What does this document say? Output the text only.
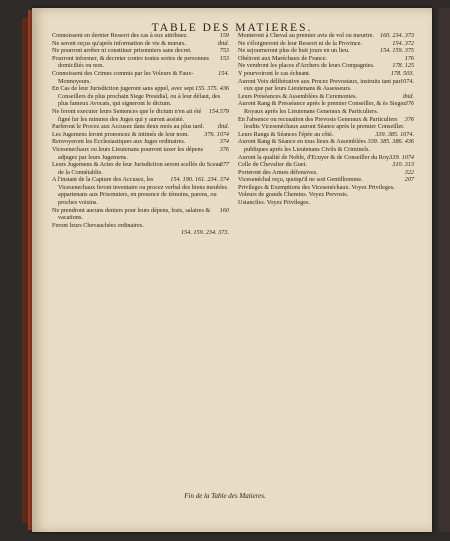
TABLE DES MATIERES.

159
Connoissent en dernier Ressort des cas à eux attribuez.

ibid.
Ne seront reçus qu'après information de vie & mœurs.

753
Ne pourront arrêter ni constituer prisonniers sans decret.

153
Pourront informer, & decreter contre toutes sortes de personnes domiciliés ou non.

154.
Connoissent des Crimes commis par les Voleurs & Faux-Monnoyeurs.

155. 375. 436
En Cas de leur Jurisdiction jugeront sans appel, avec sept Conseillers du plus prochain Siege Presidial, ou à leur défaut, des plus fameux Avocats, qui signeront le dictum.

154.579
Ne feront executer leurs Sentences que le dictum n'en ait été ſigné ſur les minutes des Juges qui y auront assisté.

ibid.
Parferont le Procez aux Accusez dans deux mois au plus tard.

376. 1074
Les Jugemens ſeront prononcez & intimés de leur nom.

374
Renvoyeront les Ecclesiastiques aux Juges ordinaires.

376
Vicesenechaux ou leurs Lieutenans pourront taxer les dépens adjugez par leurs Jugemens.

377
Leurs Jugemens & Actes de leur Jurisdiction seront scellés du Sceau de la Connétablie.

154. 190. 161. 234. 374
A l'instant de la Capture des Accusez, les Vicesenechaux feront inventaire ou procez verbal des biens meubles appartenans aux Prisonniers, en presence de témoins, parens, ou proches voisins.

160
Ne prendront aucuns deniers pour leurs dépens, frais, salaires & vacations.

Feront leurs Chevauchées ordinaires.

154. 159. 234. 373.

160. 234. 373
Monteront à Cheval au premier avis de vol ou meurtre.

154. 372
Ne s'éloigneront de leur Ressort ni de la Province.

154. 159. 375
Ne sejourneront plus de huit jours en un lieu.

176
Obéiront aux Maréchaux de France.

178. 125
Ne vendront les places d'Archers de leurs Compagnies.

178. 503.
Y pourvoiront le cas écheant.

1074.
Auront Voix délibérative aux Procez Prevostaux, instruits tant par eux que par leurs Lieutenans & Assesseurs.

ibid.
Leurs Préséances & Assemblées & Ceremonies.

376
Auront Rang & Presséance après le premier Conseiller, & ès Sieges Royaux après les Lieutenans Generaux & Particuliers.

376
En l'absence ou recusation des Prevosts Generaux & Particuliers lesdits Vicesenéchaux auront Séance après le premier Conseiller.

339. 385. 1074.
Leurs Rangs & Séances l'épée au côté.

339. 385. 386. 436
Auront Rang & Séance en tous lieux & Assemblées publiques après les Lieutenans Civils & Criminels.

339. 1074
Auront la qualité de Noble, d'Ecuyer & de Conseiller du Roy.

310. 313
Celle de Chevalier du Guet.

322
Porteront des Armes défensives.

207
Vicesenéchal reçu, quoiqu'il ne soit Gentilhomme.

Privileges & Exemptions des Vicesenéchaux. Voyez Privileges.

Voleurs de grands Chemins. Voyez Prevosts.

Ustanciles. Voyez Privileges.

Fin de la Table des Matieres.
